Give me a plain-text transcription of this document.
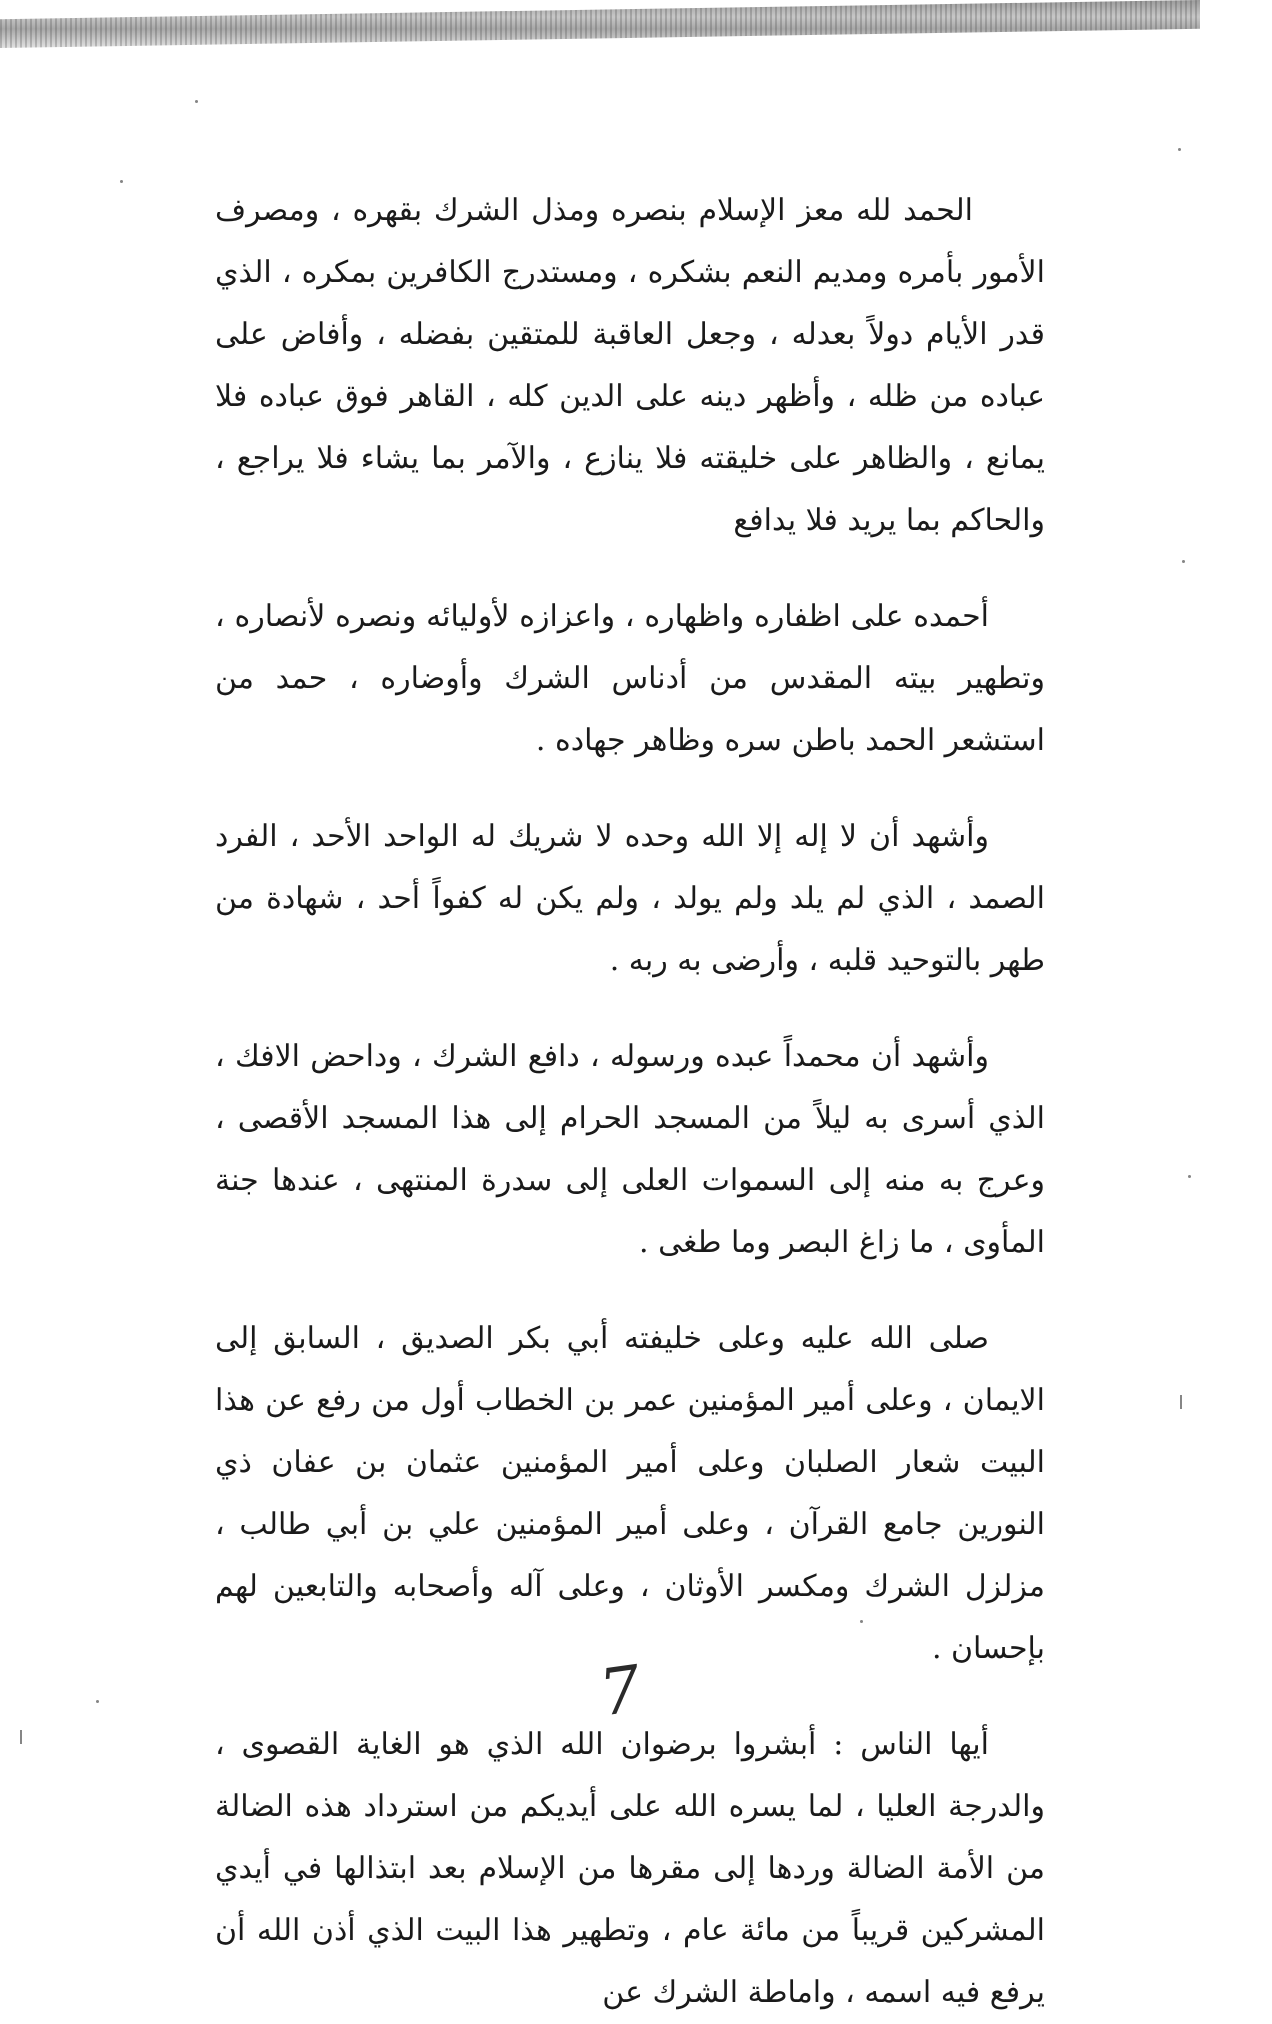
الحمد لله معز الإسلام بنصره ومذل الشرك بقهره ، ومصرف الأمور بأمره ومديم النعم بشكره ، ومستدرج الكافرين بمكره ، الذي قدر الأيام دولاً بعدله ، وجعل العاقبة للمتقين بفضله ، وأفاض على عباده من ظله ، وأظهر دينه على الدين كله ، القاهر فوق عباده فلا يمانع ، والظاهر على خليقته فلا ينازع ، والآمر بما يشاء فلا يراجع ، والحاكم بما يريد فلا يدافع

أحمده على اظفاره واظهاره ، واعزازه لأوليائه ونصره لأنصاره ، وتطهير بيته المقدس من أدناس الشرك وأوضاره ، حمد من استشعر الحمد باطن سره وظاهر جهاده .

وأشهد أن لا إله إلا الله وحده لا شريك له الواحد الأحد ، الفرد الصمد ، الذي لم يلد ولم يولد ، ولم يكن له كفواً أحد ، شهادة من طهر بالتوحيد قلبه ، وأرضى به ربه .

وأشهد أن محمداً عبده ورسوله ، دافع الشرك ، وداحض الافك ، الذي أسرى به ليلاً من المسجد الحرام إلى هذا المسجد الأقصى ، وعرج به منه إلى السموات العلى إلى سدرة المنتهى ، عندها جنة المأوى ، ما زاغ البصر وما طغى .

صلى الله عليه وعلى خليفته أبي بكر الصديق ، السابق إلى الايمان ، وعلى أمير المؤمنين عمر بن الخطاب أول من رفع عن هذا البيت شعار الصلبان وعلى أمير المؤمنين عثمان بن عفان ذي النورين جامع القرآن ، وعلى أمير المؤمنين علي بن أبي طالب ، مزلزل الشرك ومكسر الأوثان ، وعلى آله وأصحابه والتابعين لهم بإحسان .

أيها الناس : أبشروا برضوان الله الذي هو الغاية القصوى ، والدرجة العليا ، لما يسره الله على أيديكم من استرداد هذه الضالة من الأمة الضالة وردها إلى مقرها من الإسلام بعد ابتذالها في أيدي المشركين قريباً من مائة عام ، وتطهير هذا البيت الذي أذن الله أن يرفع فيه اسمه ، واماطة الشرك عن

7
